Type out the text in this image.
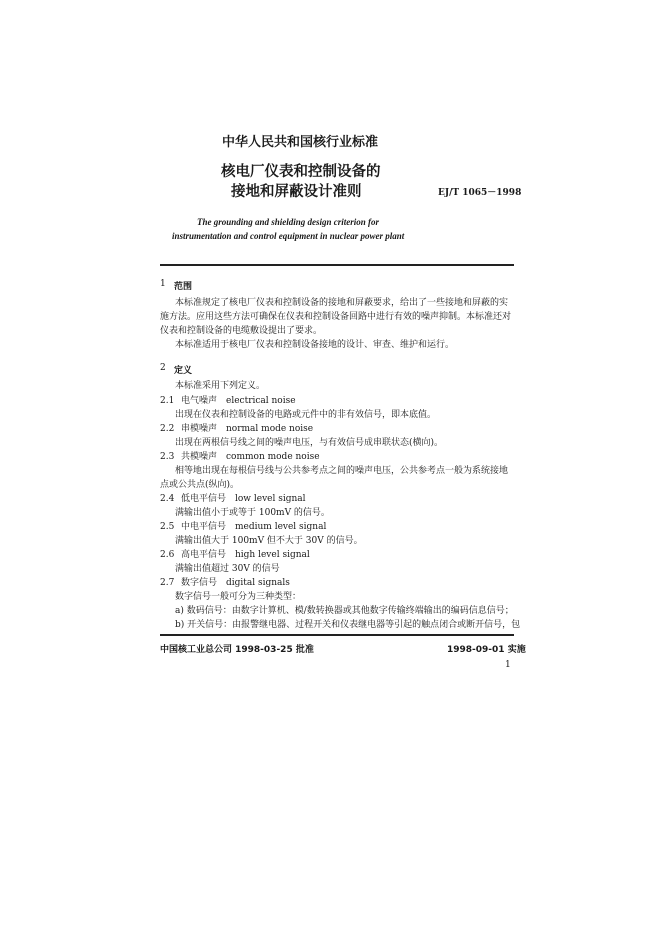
中华人民共和国核行业标准
核电厂仪表和控制设备的
接地和屏蔽设计准则	EJ/T 1065－1998
The grounding and shielding design criterion for
instrumentation and control equipment in nuclear power plant
1 范围
本标准规定了核电厂仪表和控制设备的接地和屏蔽要求，给出了一些接地和屏蔽的实
施方法。应用这些方法可确保在仪表和控制设备回路中进行有效的噪声抑制。本标准还对
仪表和控制设备的电缆敷设提出了要求。
本标准适用于核电厂仪表和控制设备接地的设计、审查、维护和运行。
2 定义
本标准采用下列定义。
2.1 电气噪声　electrical noise
出现在仪表和控制设备的电路或元件中的非有效信号，即本底值。
2.2 串模噪声　normal mode noise
出现在两根信号线之间的噪声电压，与有效信号成串联状态(横向)。
2.3 共模噪声　common mode noise
相等地出现在每根信号线与公共参考点之间的噪声电压，公共参考点一般为系统接地
点或公共点(纵向)。
2.4 低电平信号　low level signal
满输出值小于或等于 100mV 的信号。
2.5 中电平信号　medium level signal
满输出值大于 100mV 但不大于 30V 的信号。
2.6 高电平信号　high level signal
满输出值超过 30V 的信号
2.7 数字信号　digital signals
数字信号一般可分为三种类型：
a) 数码信号：由数字计算机、模/数转换器或其他数字传输终端输出的编码信息信号；
b) 开关信号：由报警继电器、过程开关和仪表继电器等引起的触点闭合或断开信号，包
中国核工业总公司 1998-03-25 批准	1998-09-01 实施
1
